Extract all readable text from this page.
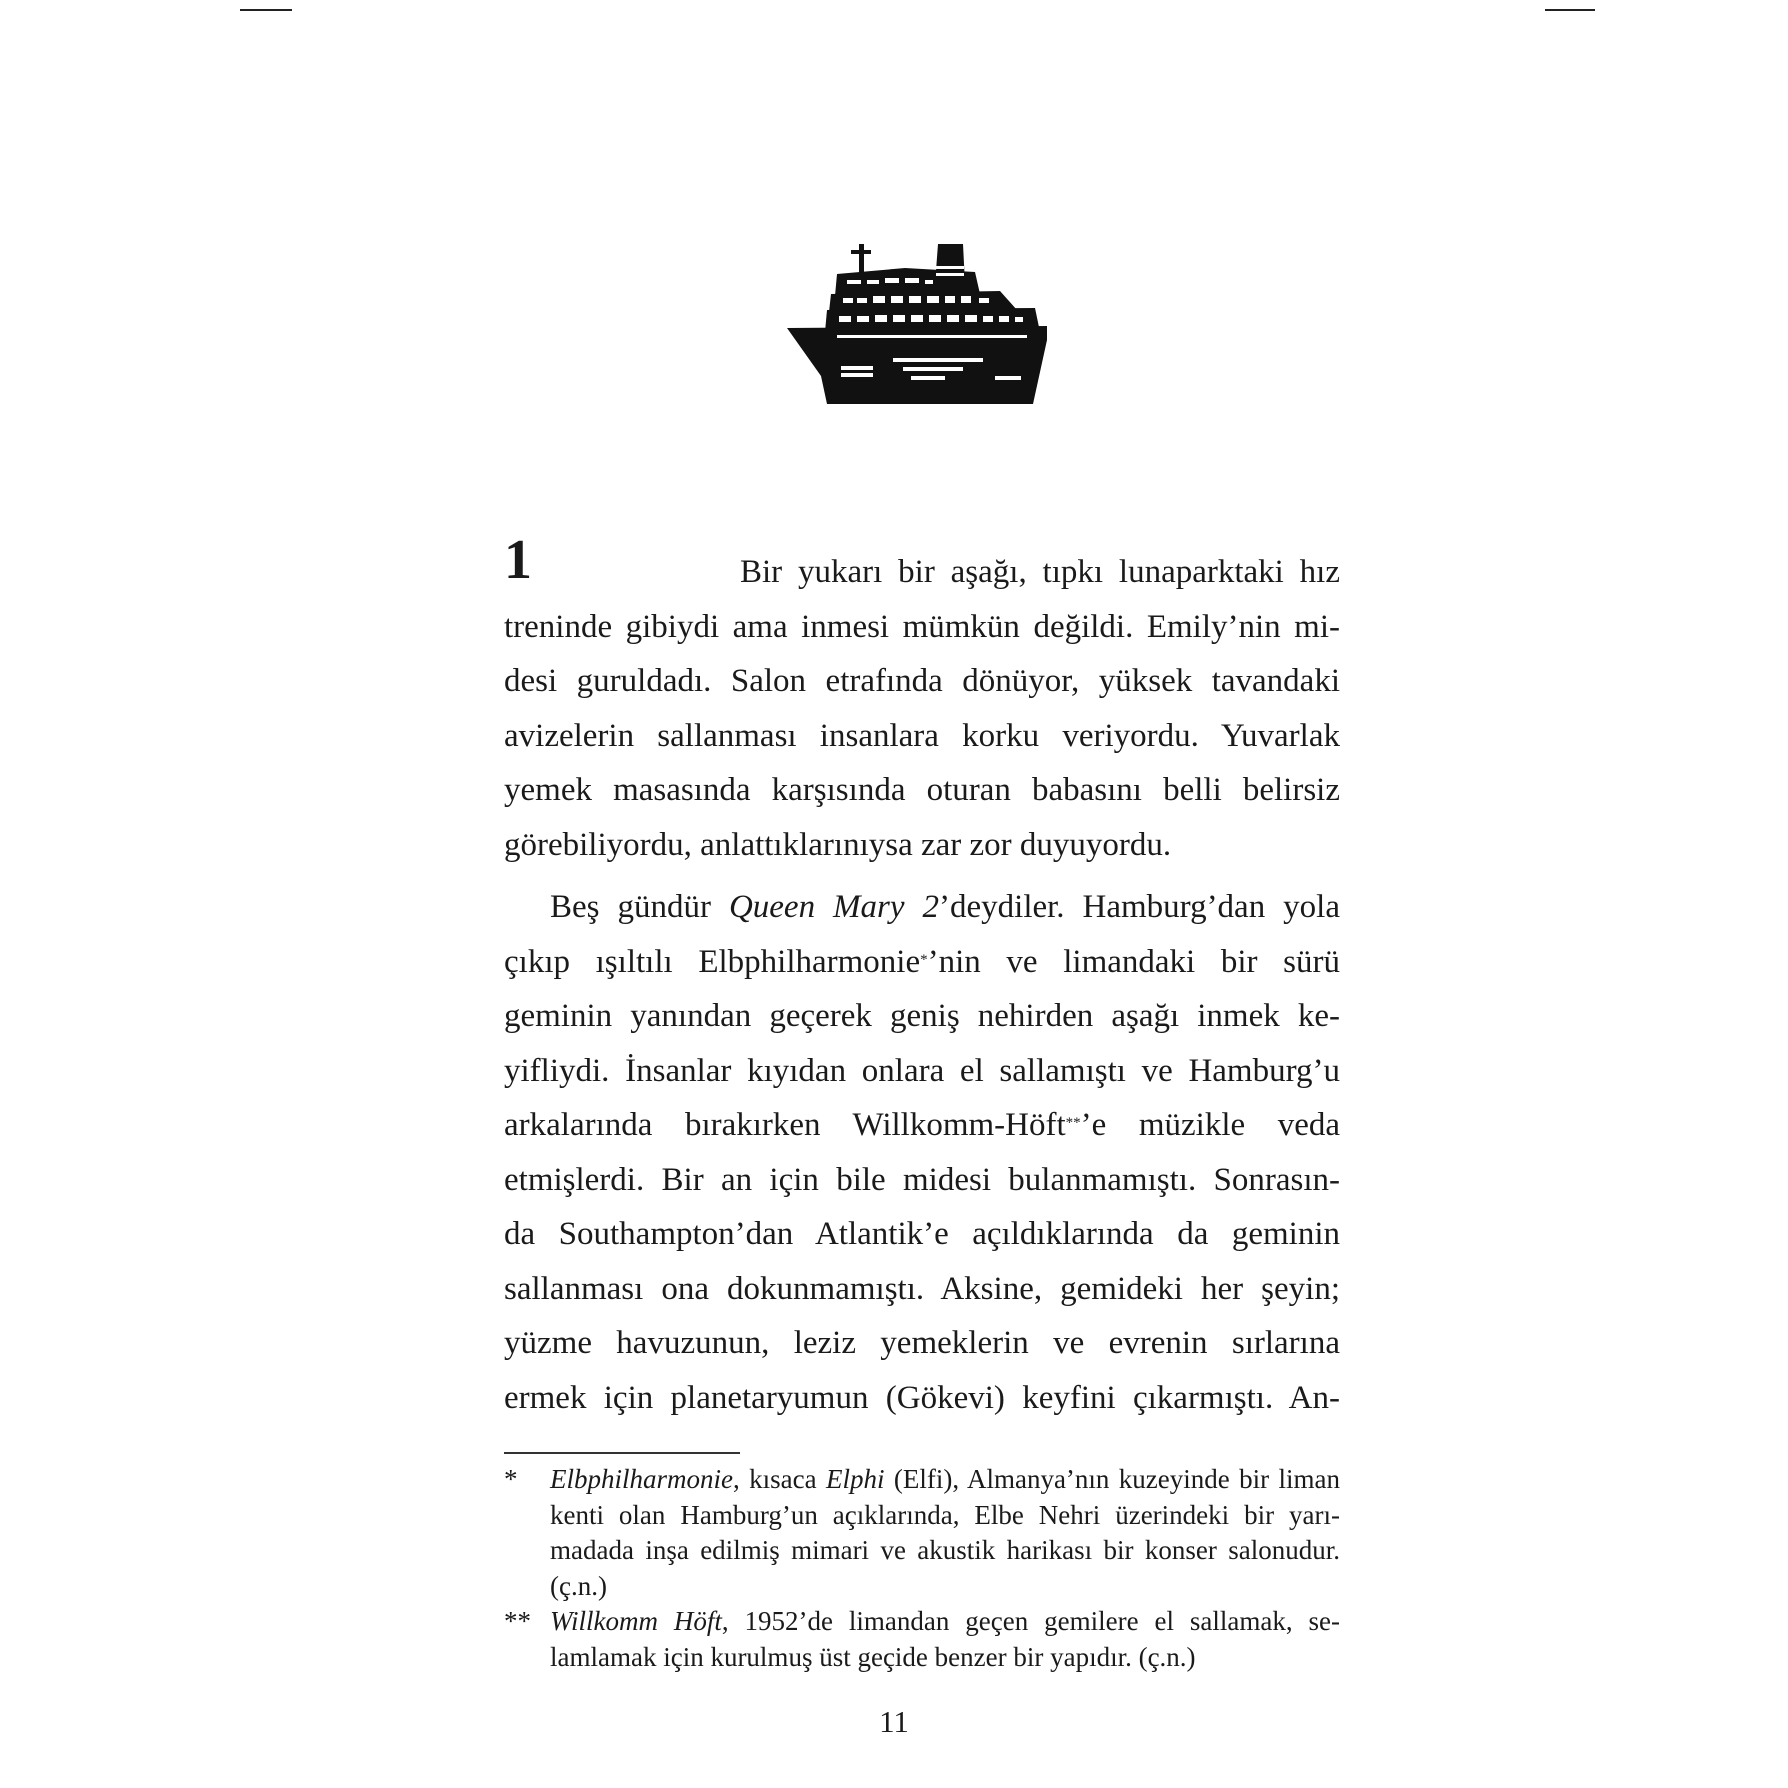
1	Bir yukarı bir aşağı, tıpkı lunaparktaki hız
treninde gibiydi ama inmesi mümkün değildi. Emily’nin mi-
desi guruldadı. Salon etrafında dönüyor, yüksek tavandaki
avizelerin sallanması insanlara korku veriyordu. Yuvarlak
yemek masasında karşısında oturan babasını belli belirsiz
görebiliyordu, anlattıklarınıysa zar zor duyuyordu.

Beş gündür Queen Mary 2’deydiler. Hamburg’dan yola
çıkıp ışıltılı Elbphilharmonie*’nin ve limandaki bir sürü
geminin yanından geçerek geniş nehirden aşağı inmek ke-
yifliydi. İnsanlar kıyıdan onlara el sallamıştı ve Hamburg’u
arkalarında bırakırken Willkomm-Höft**’e müzikle veda
etmişlerdi. Bir an için bile midesi bulanmamıştı. Sonrasın-
da Southampton’dan Atlantik’e açıldıklarında da geminin
sallanması ona dokunmamıştı. Aksine, gemideki her şeyin;
yüzme havuzunun, leziz yemeklerin ve evrenin sırlarına
ermek için planetaryumun (Gökevi) keyfini çıkarmıştı. An-

*	Elbphilharmonie, kısaca Elphi (Elfi), Almanya’nın kuzeyinde bir liman
kenti olan Hamburg’un açıklarında, Elbe Nehri üzerindeki bir yarı-
madada inşa edilmiş mimari ve akustik harikası bir konser salonudur.
(ç.n.)
** Willkomm Höft, 1952’de limandan geçen gemilere el sallamak, se-
lamlamak için kurulmuş üst geçide benzer bir yapıdır. (ç.n.)
11
